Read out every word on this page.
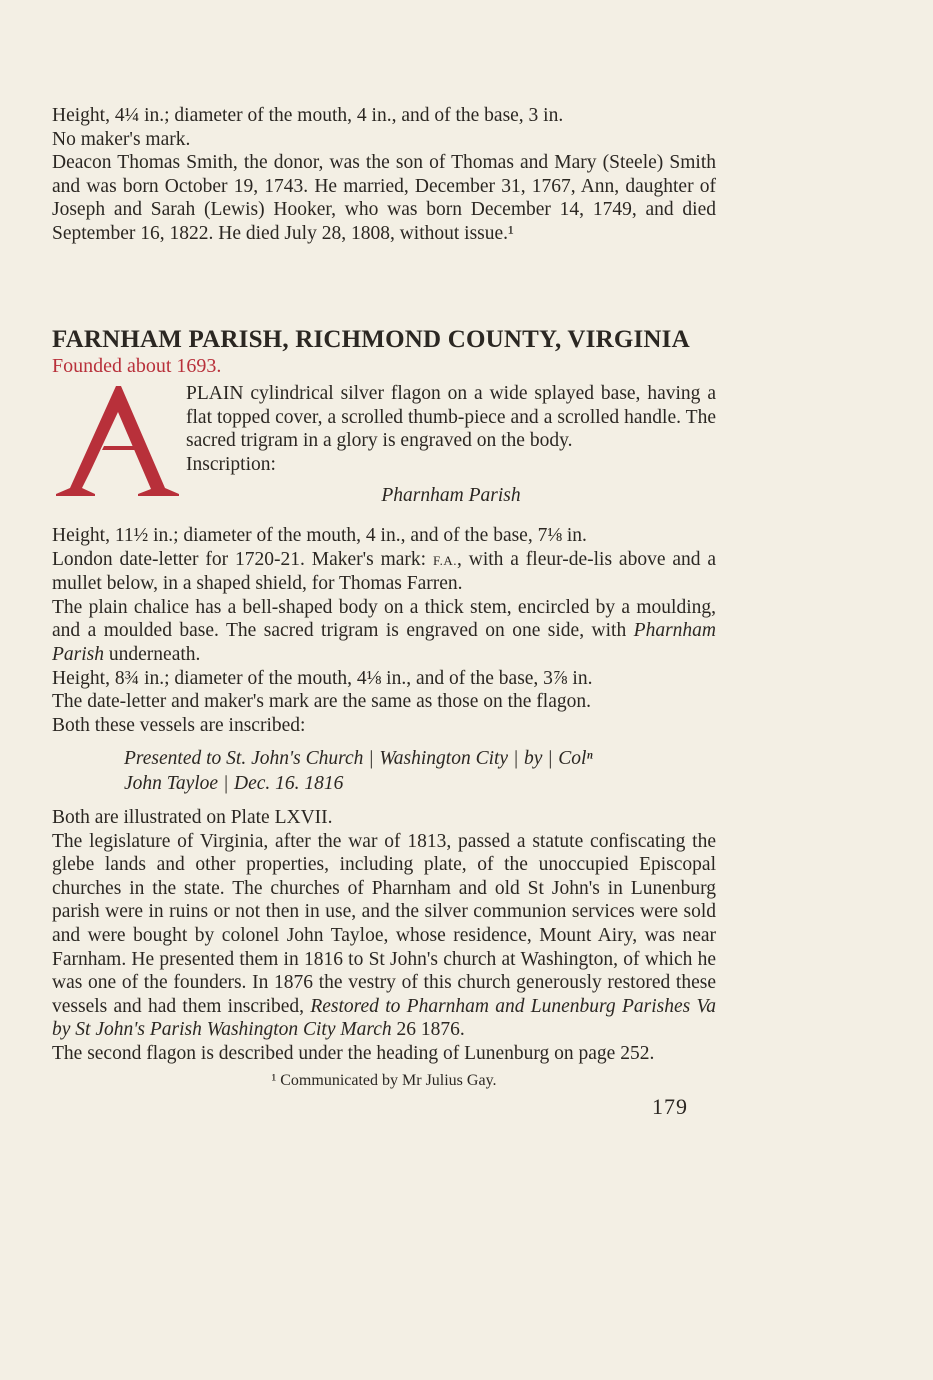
Height, 4¼ in.; diameter of the mouth, 4 in., and of the base, 3 in.

No maker's mark.

Deacon Thomas Smith, the donor, was the son of Thomas and Mary (Steele) Smith and was born October 19, 1743. He married, December 31, 1767, Ann, daughter of Joseph and Sarah (Lewis) Hooker, who was born December 14, 1749, and died September 16, 1822. He died July 28, 1808, without issue.¹

FARNHAM PARISH, RICHMOND COUNTY, VIRGINIA

Founded about 1693.

PLAIN cylindrical silver flagon on a wide splayed base, having a flat topped cover, a scrolled thumb-piece and a scrolled handle. The sacred trigram in a glory is engraved on the body.

Inscription:

Pharnham Parish

Height, 11½ in.; diameter of the mouth, 4 in., and of the base, 7⅛ in.

London date-letter for 1720-21. Maker's mark: F.A., with a fleur-de-lis above and a mullet below, in a shaped shield, for Thomas Farren.

The plain chalice has a bell-shaped body on a thick stem, encircled by a moulding, and a moulded base. The sacred trigram is engraved on one side, with Pharnham Parish underneath.

Height, 8¾ in.; diameter of the mouth, 4⅛ in., and of the base, 3⅞ in.

The date-letter and maker's mark are the same as those on the flagon.

Both these vessels are inscribed:

Presented to St. John's Church | Washington City | by | Colⁿ
John Tayloe | Dec. 16. 1816

Both are illustrated on Plate LXVII.

The legislature of Virginia, after the war of 1813, passed a statute confiscating the glebe lands and other properties, including plate, of the unoccupied Episcopal churches in the state. The churches of Pharnham and old St John's in Lunenburg parish were in ruins or not then in use, and the silver communion services were sold and were bought by colonel John Tayloe, whose residence, Mount Airy, was near Farnham. He presented them in 1816 to St John's church at Washington, of which he was one of the founders. In 1876 the vestry of this church generously restored these vessels and had them inscribed, Restored to Pharnham and Lunenburg Parishes Va by St John's Parish Washington City March 26 1876.

The second flagon is described under the heading of Lunenburg on page 252.

¹ Communicated by Mr Julius Gay.
179
